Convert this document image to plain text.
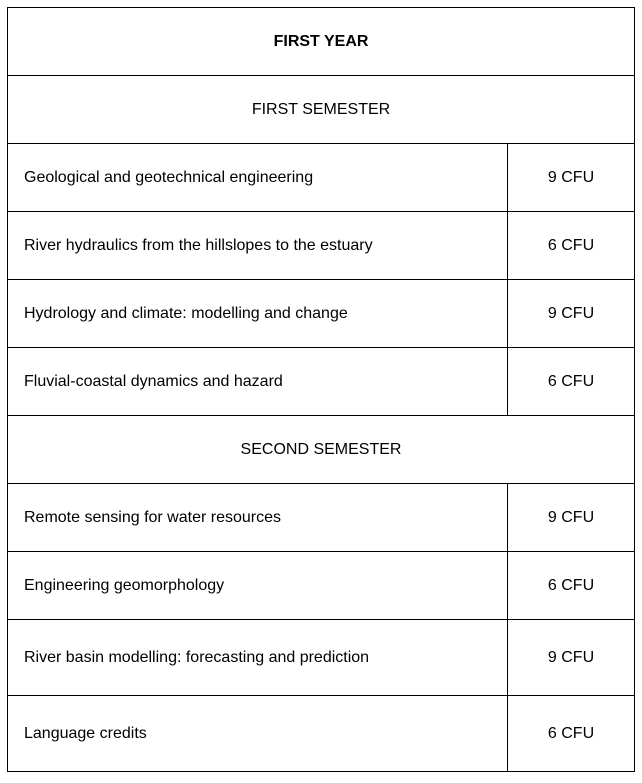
FIRST YEAR	
FIRST SEMESTER	
Geological and geotechnical engineering	9 CFU
River hydraulics from the hillslopes to the estuary	6 CFU
Hydrology and climate: modelling and change	9 CFU
Fluvial-coastal dynamics and hazard	6 CFU
SECOND SEMESTER	
Remote sensing for water resources	9 CFU
Engineering geomorphology	6 CFU
River basin modelling: forecasting and prediction	9 CFU
Language credits	6 CFU
